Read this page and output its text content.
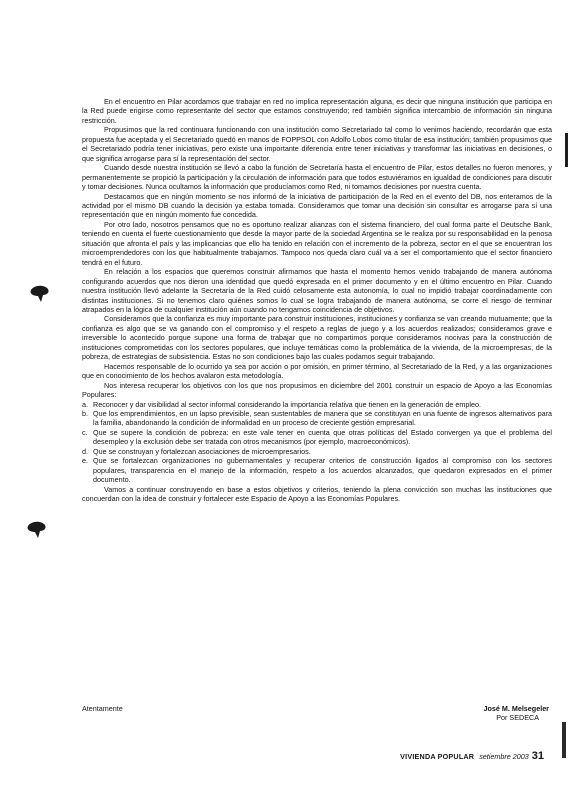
En el encuentro en Pilar acordamos que trabajar en red no implica representación alguna, es decir que ninguna institución que participa en la Red puede erigirse como representante del sector que estamos construyendo; red también significa intercambio de información sin ninguna restricción.

Propusimos que la red continuara funcionando con una institución como Secretariado tal como lo venimos haciendo, recordarán que esta propuesta fue aceptada y el Secretariado quedó en manos de FOPPSOL con Adolfo Lobos como titular de esa institución; también propusimos que el Secretariado podría tener iniciativas, pero existe una importante diferencia entre tener iniciativas y transformar las iniciativas en decisiones, o que significa arrogarse para sí la representación del sector.

Cuando desde nuestra institución se llevó a cabo la función de Secretaría hasta el encuentro de Pilar, estos detalles no fueron menores, y permanentemente se propició la participación y la circulación de información para que todos estuviéramos en igualdad de condiciones para discutir y tomar decisiones. Nunca ocultamos la información que producíamos como Red, ni tomamos decisiones por nuestra cuenta.

Destacamos que en ningún momento se nos informó de la iniciativa de participación de la Red en el evento del DB, nos enteramos de la actividad por el mismo DB cuando la decisión ya estaba tomada. Consideramos que tomar una decisión sin consultar es arrogarse para sí una representación que en ningún momento fue concedida.

Por otro lado, nosotros pensamos que no es oportuno realizar alianzas con el sistema financiero, del cual forma parte el Deutsche Bank, teniendo en cuenta el fuerte cuestionamiento que desde la mayor parte de la sociedad Argentina se le realiza por su responsabilidad en la penosa situación que afronta el país y las implicancias que ello ha tenido en relación con el incremento de la pobreza, sector en el que se encuentran los microemprendedores con los que habitualmente trabajamos. Tampoco nos queda claro cuál va a ser el comportamiento que el sector financiero tendrá en el futuro.

En relación a los espacios que queremos construir afirmamos que hasta el momento hemos venido trabajando de manera autónoma configurando acuerdos que nos dieron una identidad que quedó expresada en el primer documento y en el último encuentro en Pilar. Cuando nuestra institución llevó adelante la Secretaría de la Red cuidó celosamente esta autonomía, lo cual no impidió trabajar coordinadamente con distintas instituciones. Si no tenemos claro quiénes somos lo cual se logra trabajando de manera autónoma, se corre el riesgo de terminar atrapados en la lógica de cualquier institución aún cuando no tengamos coincidencia de objetivos.

Consideramos que la confianza es muy importante para construir instituciones, instituciones y confianza se van creando mutuamente; que la confianza es algo que se va ganando con el compromiso y el respeto a reglas de juego y a los acuerdos realizados; consideramos grave e irreversible lo acontecido porque supone una forma de trabajar que no compartimos porque consideramos nocivas para la construcción de instituciones comprometidas con los sectores populares, que incluye temáticas como la problemática de la vivienda, de la microempresas, de la pobreza, de estrategias de subsistencia. Estas no son condiciones bajo las cuales podamos seguir trabajando.

Hacemos responsable de lo ocurrido ya sea por acción o por omisión, en primer término, al Secretariado de la Red, y a las organizaciones que en conocimiento de los hechos avalaron esta metodología.

Nos interesa recuperar los objetivos con los que nos propusimos en diciembre del 2001 construir un espacio de Apoyo a las Economías Populares:

a. Reconocer y dar visibilidad al sector informal considerando la importancia relativa que tienen en la generación de empleo.
b. Que los emprendimientos, en un lapso previsible, sean sustentables de manera que se constituyan en una fuente de ingresos alternativos para la familia, abandonando la condición de informalidad en un proceso de creciente gestión empresarial.
c. Que se supere la condición de pobreza: en este vale tener en cuenta que otras políticas del Estado convergen ya que el problema del desempleo y la exclusión debe ser tratada con otros mecanismos (por ejemplo, macroeconómicos).
d. Que se construyan y fortalezcan asociaciones de microempresarios.
e. Que se fortalezcan organizaciones no gubernamentales y recuperar criterios de construcción ligados al compromiso con los sectores populares, transparencia en el manejo de la información, respeto a los acuerdos alcanzados, que quedaron expresados en el primer documento.

Vamos a continuar construyendo en base a estos objetivos y criterios, teniendo la plena convicción son muchas las instituciones que concuerdan con la idea de construir y fortalecer este Espacio de Apoyo a las Economías Populares.

Atentamente	José M. Melsegeler
Por SEDECA
VIVIENDA POPULAR setiembre 2003 31
